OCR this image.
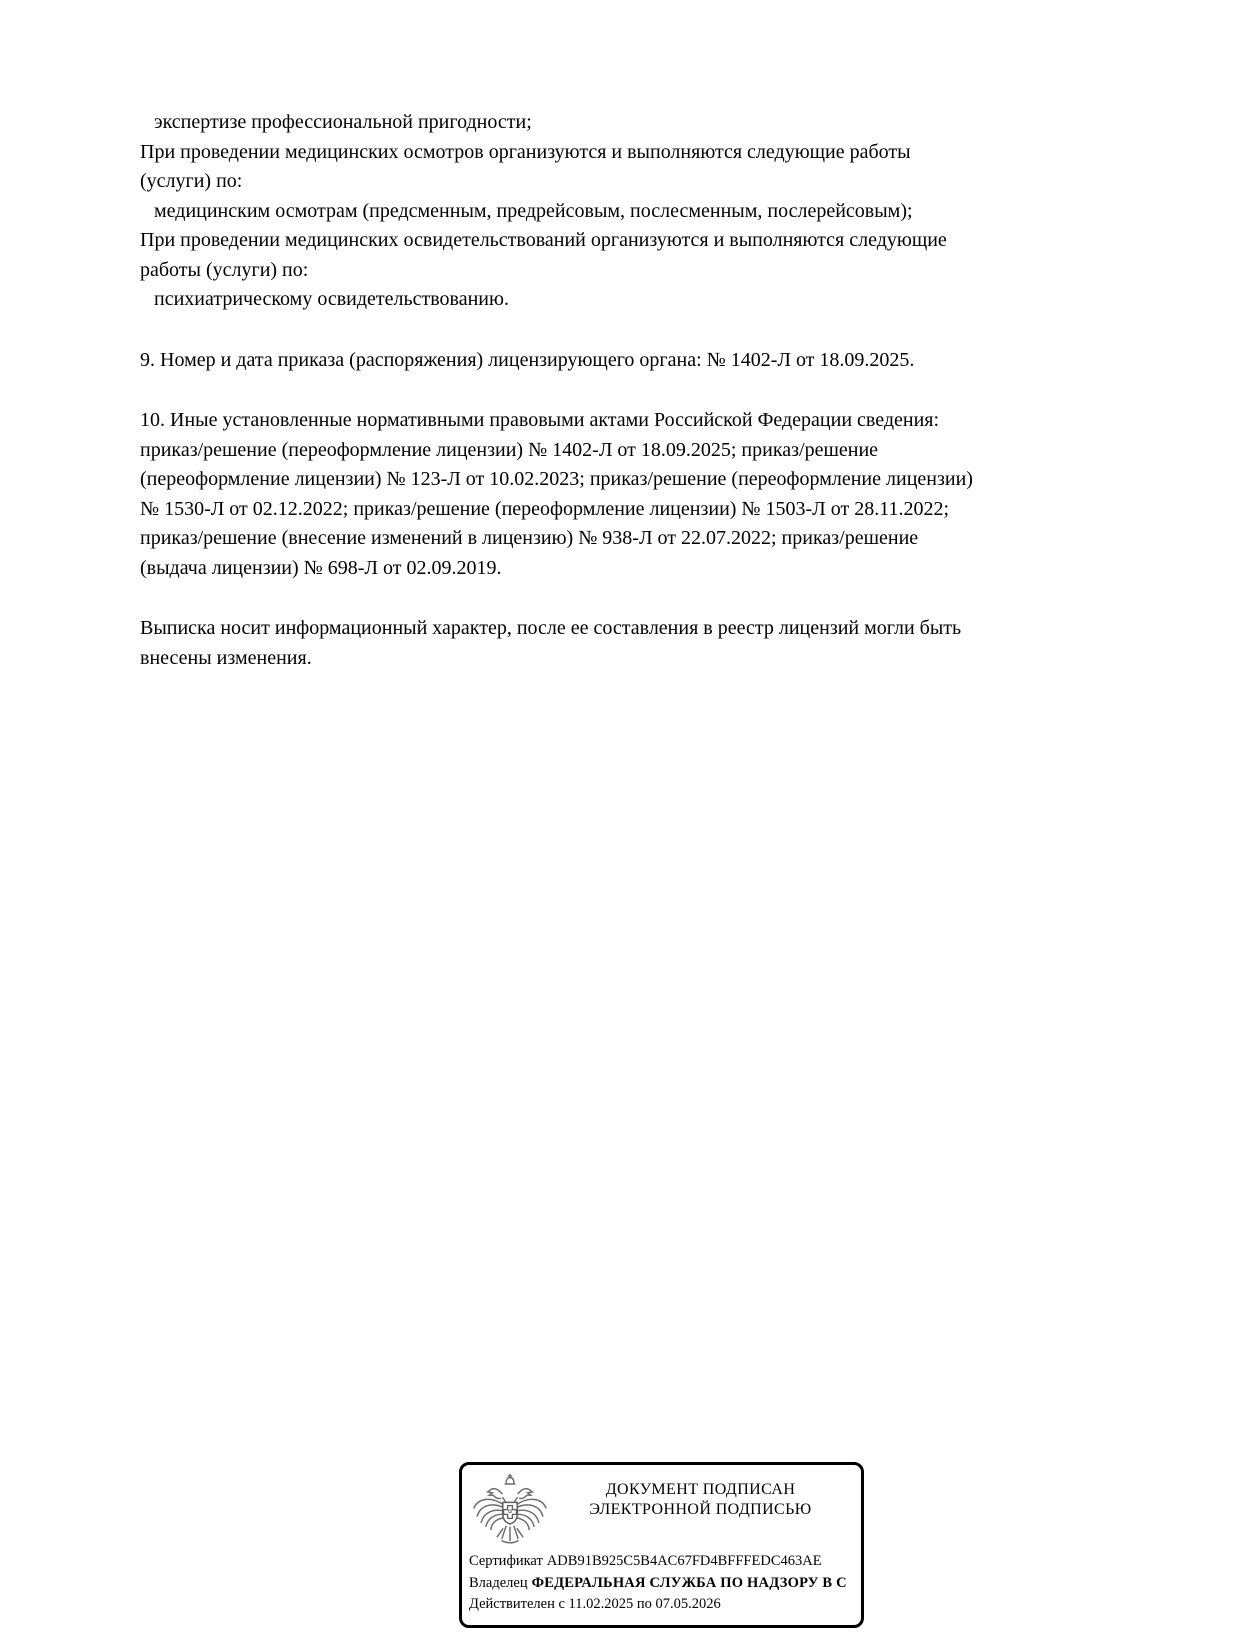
экспертизе профессиональной пригодности;
При проведении медицинских осмотров организуются и выполняются следующие работы
(услуги) по:
медицинским осмотрам (предсменным, предрейсовым, послесменным, послерейсовым);
При проведении медицинских освидетельствований организуются и выполняются следующие
работы (услуги) по:
психиатрическому освидетельствованию.
9. Номер и дата приказа (распоряжения) лицензирующего органа: № 1402-Л от 18.09.2025.
10. Иные установленные нормативными правовыми актами Российской Федерации сведения:
приказ/решение (переоформление лицензии) № 1402-Л от 18.09.2025; приказ/решение
(переоформление лицензии) № 123-Л от 10.02.2023; приказ/решение (переоформление лицензии)
№ 1530-Л от 02.12.2022; приказ/решение (переоформление лицензии) № 1503-Л от 28.11.2022;
приказ/решение (внесение изменений в лицензию) № 938-Л от 22.07.2022; приказ/решение
(выдача лицензии) № 698-Л от 02.09.2019.
Выписка носит информационный характер, после ее составления в реестр лицензий могли быть
внесены изменения.
ДОКУМЕНТ ПОДПИСАН
ЭЛЕКТРОННОЙ ПОДПИСЬЮ
Сертификат ADB91B925C5B4AC67FD4BFFFEDC463AE
Владелец ФЕДЕРАЛЬНАЯ СЛУЖБА ПО НАДЗОРУ В С
Действителен с 11.02.2025 по 07.05.2026
